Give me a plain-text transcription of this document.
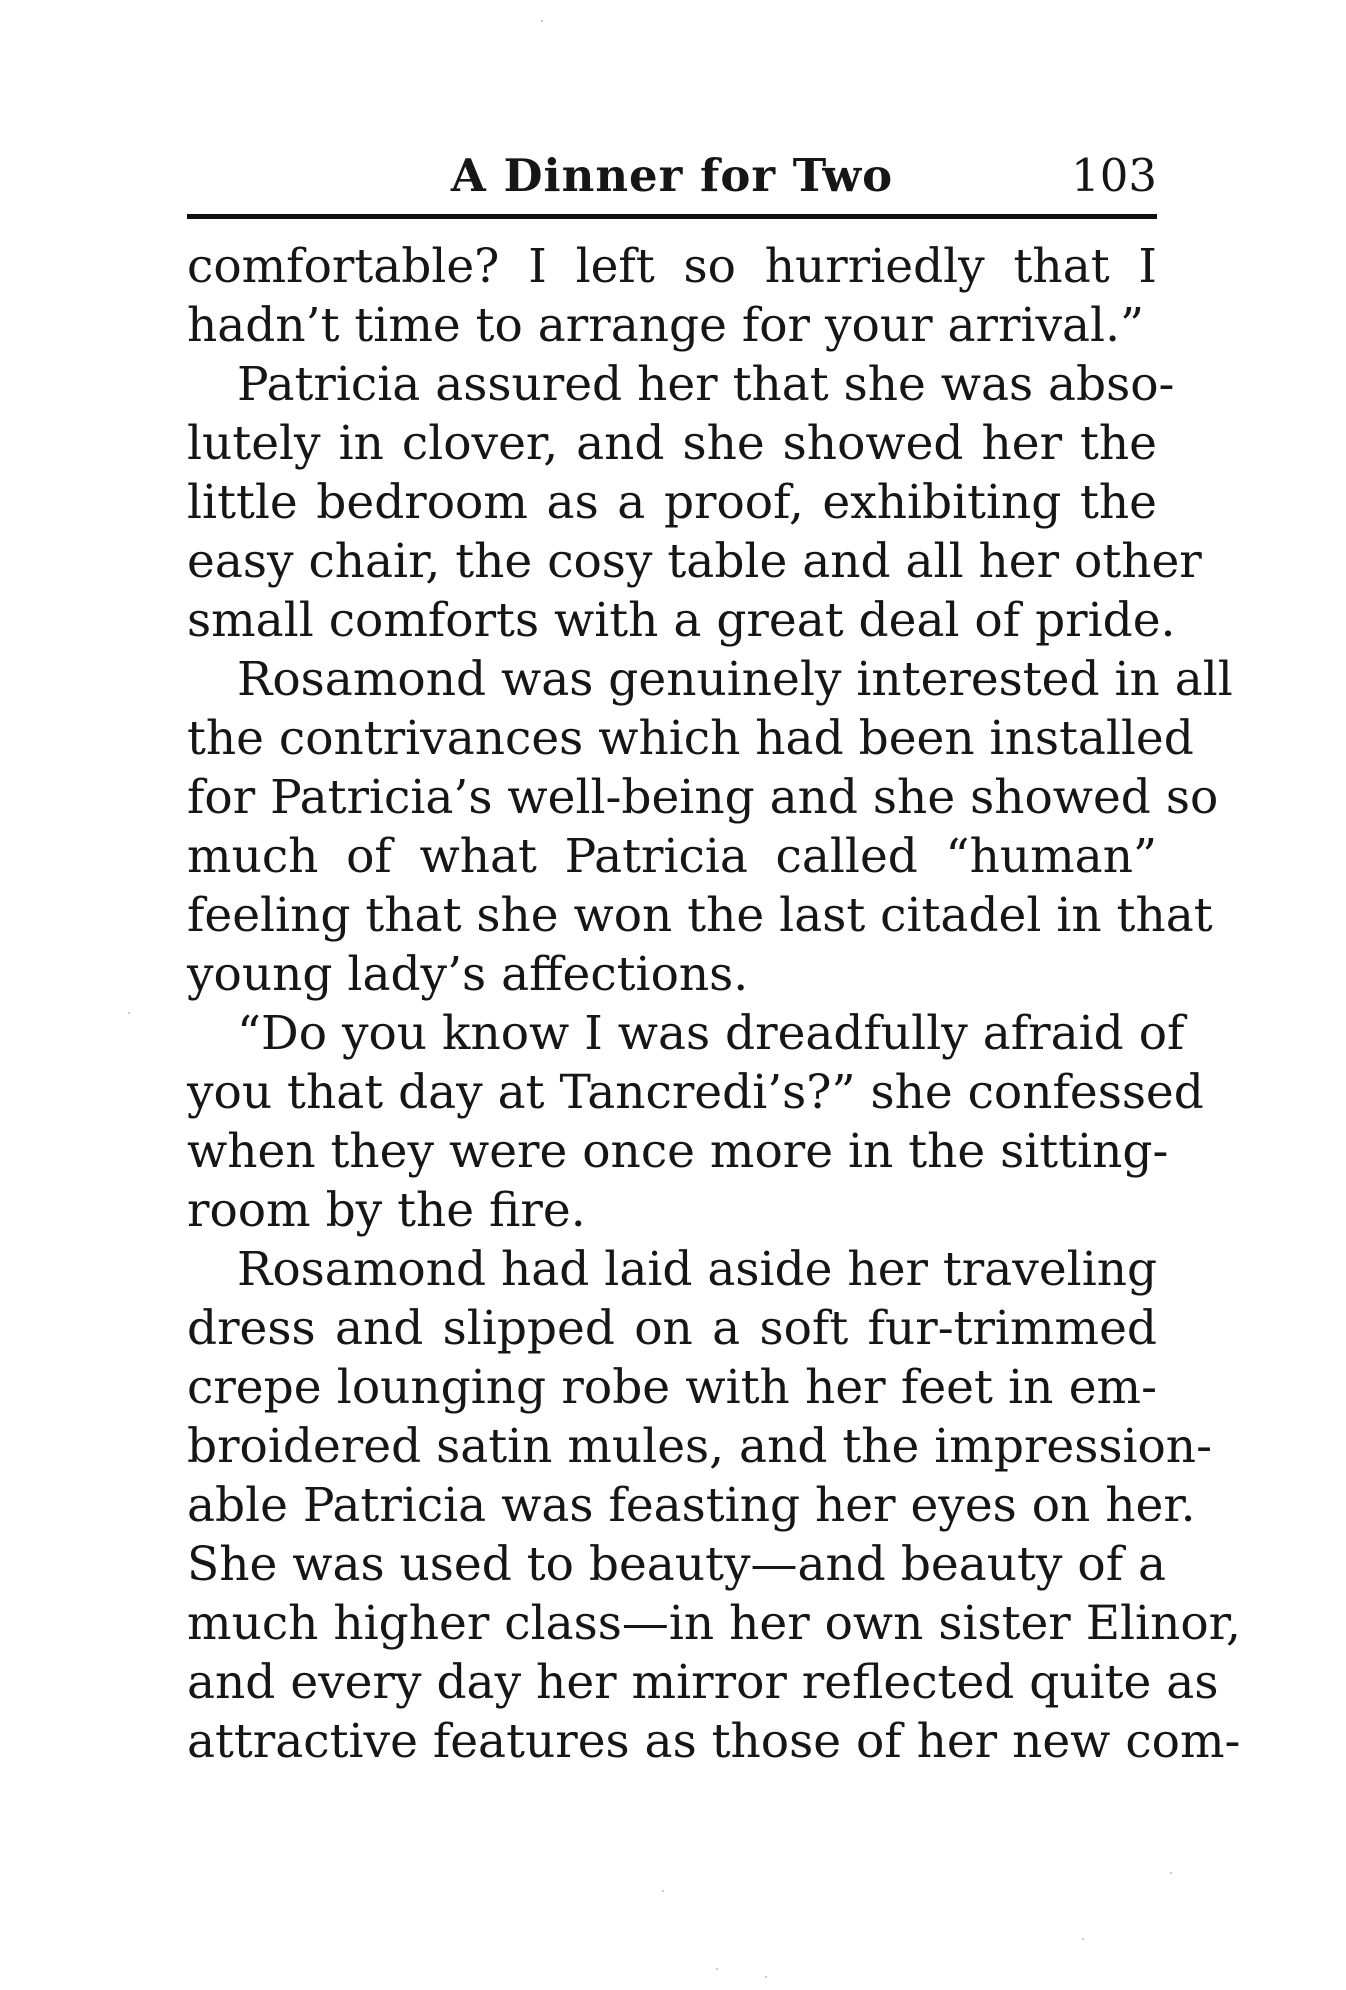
A Dinner for Two	103
comfortable? I left so hurriedly that I
hadn’t time to arrange for your arrival.”
Patricia assured her that she was abso-
lutely in clover, and she showed her the
little bedroom as a proof, exhibiting the
easy chair, the cosy table and all her other
small comforts with a great deal of pride.
Rosamond was genuinely interested in all
the contrivances which had been installed
for Patricia’s well-being and she showed so
much of what Patricia called “human”
feeling that she won the last citadel in that
young lady’s affections.
“Do you know I was dreadfully afraid of
you that day at Tancredi’s?” she confessed
when they were once more in the sitting-
room by the fire.
Rosamond had laid aside her traveling
dress and slipped on a soft fur-trimmed
crepe lounging robe with her feet in em-
broidered satin mules, and the impression-
able Patricia was feasting her eyes on her.
She was used to beauty—and beauty of a
much higher class—in her own sister Elinor,
and every day her mirror reflected quite as
attractive features as those of her new com-
